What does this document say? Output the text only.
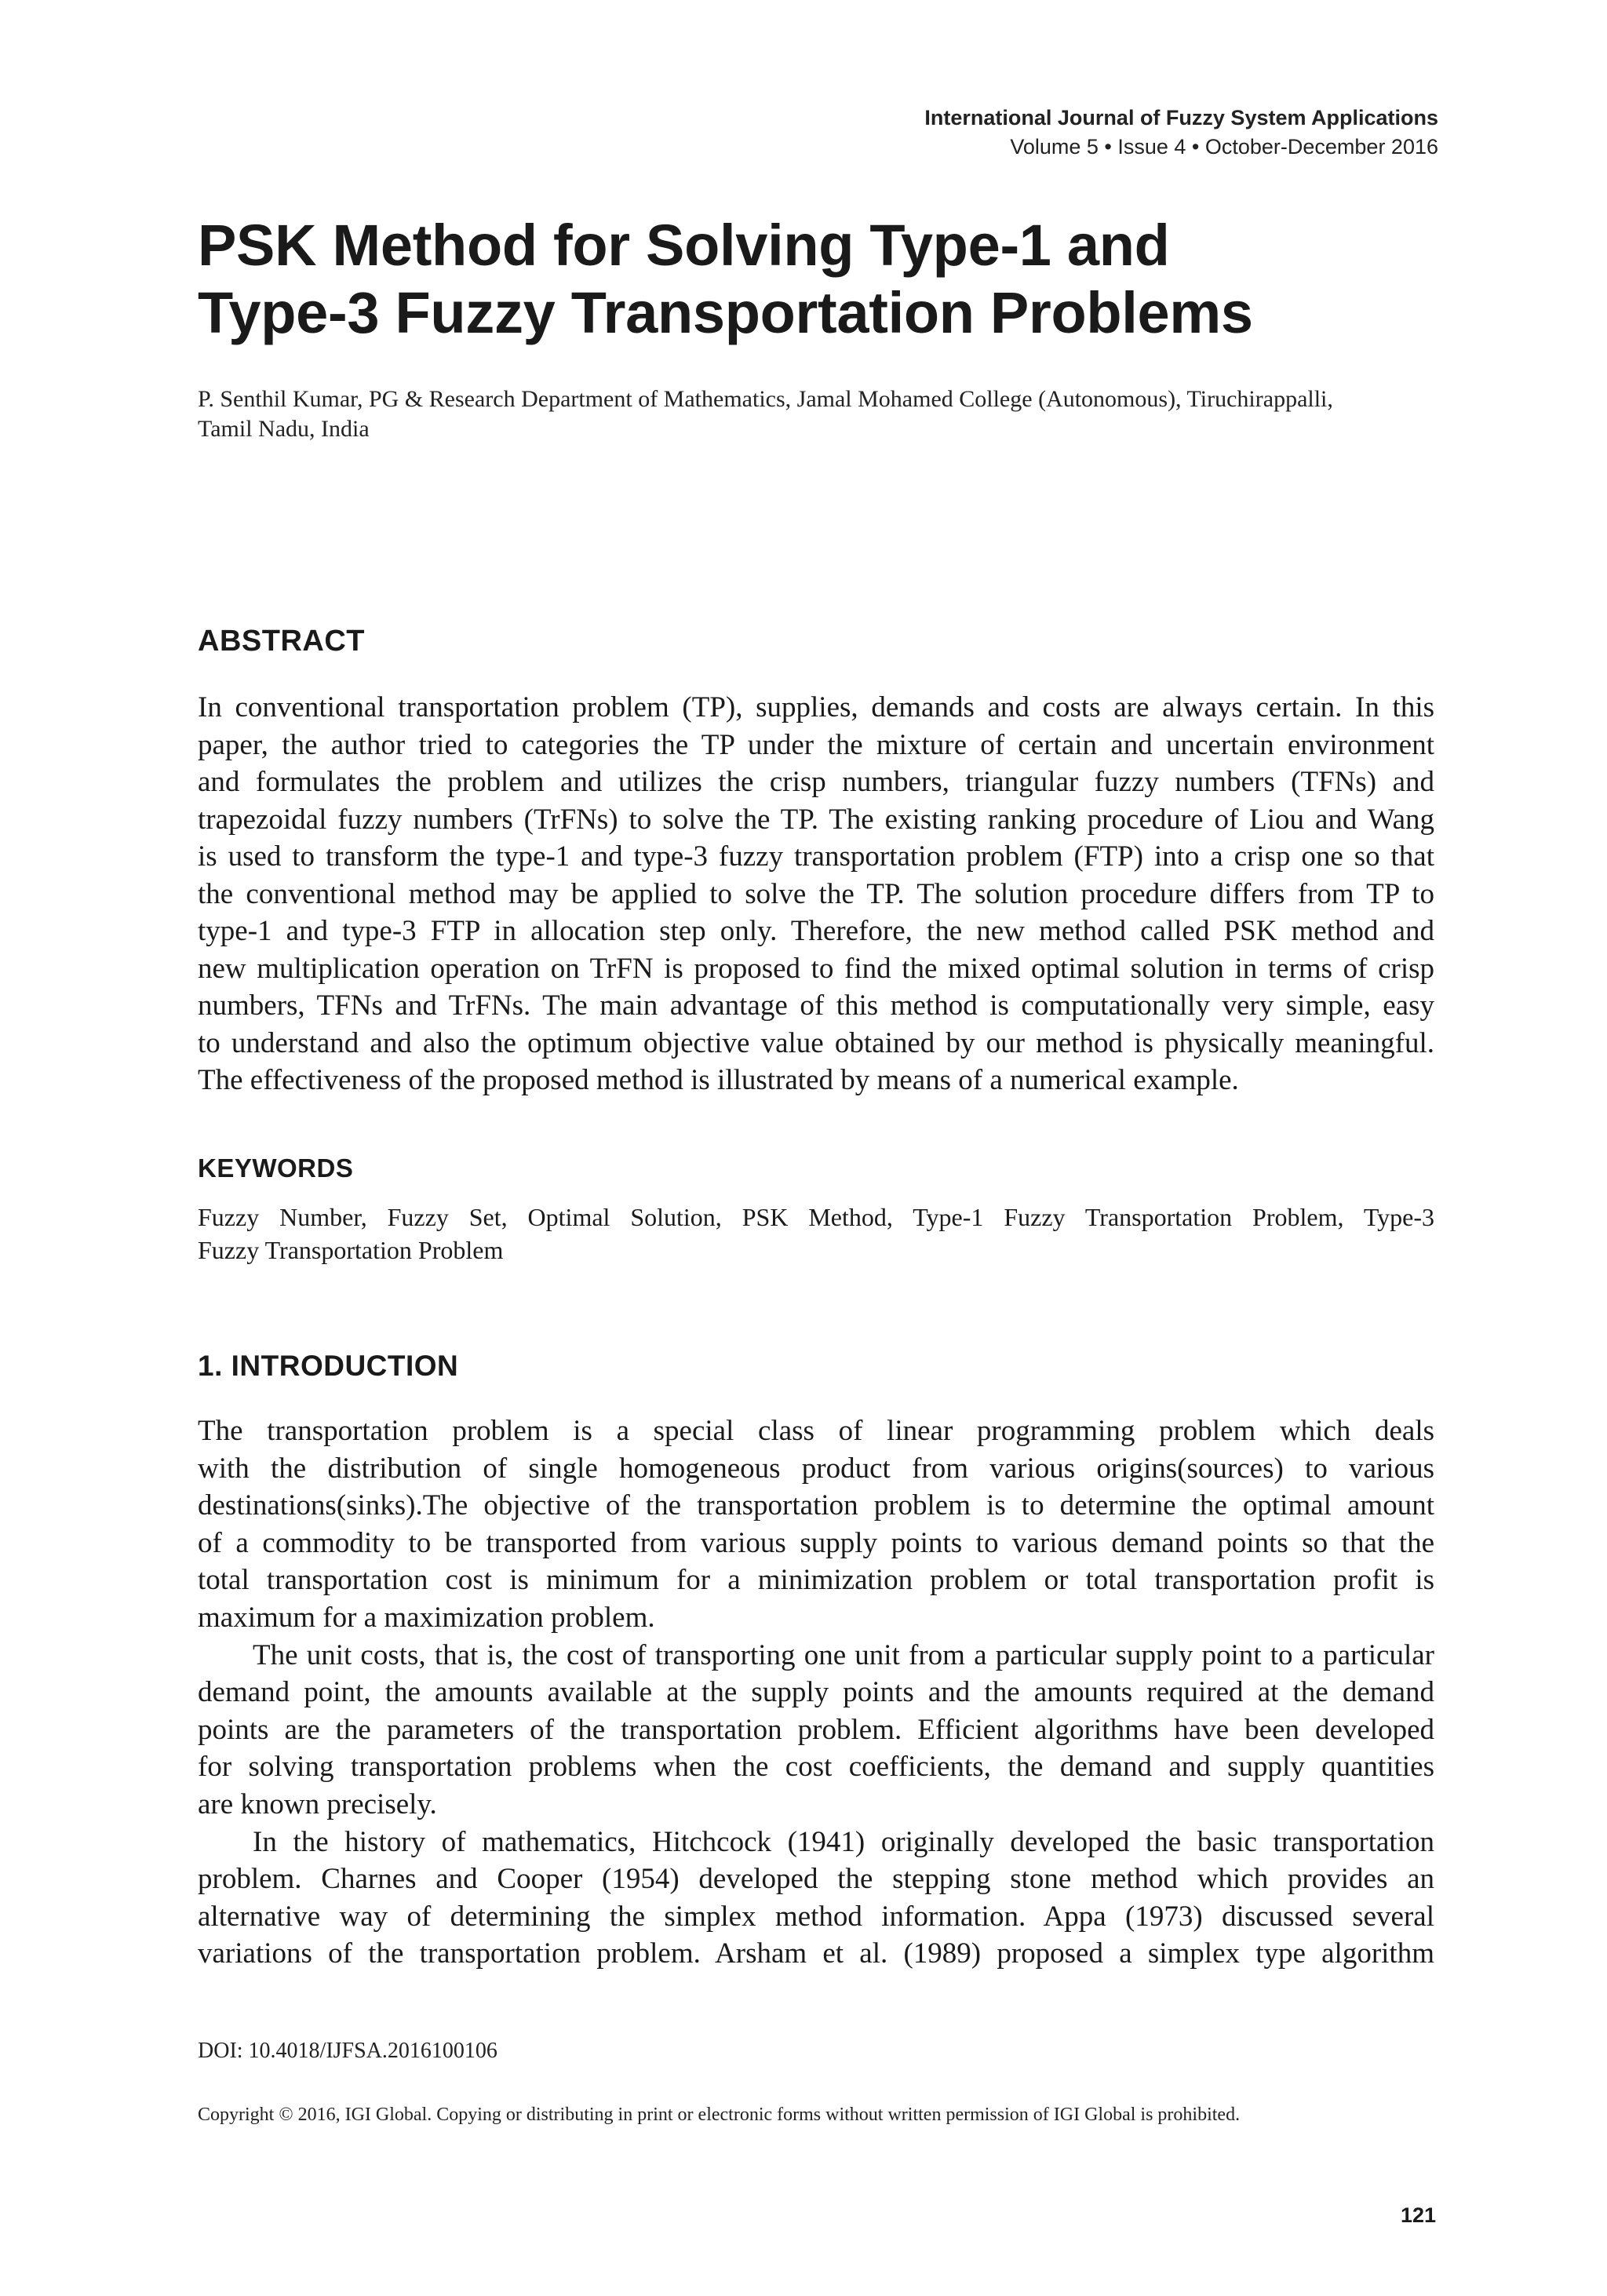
International Journal of Fuzzy System Applications
Volume 5 • Issue 4 • October-December 2016
PSK Method for Solving Type-1 and
Type-3 Fuzzy Transportation Problems
P. Senthil Kumar, PG & Research Department of Mathematics, Jamal Mohamed College (Autonomous), Tiruchirappalli,
Tamil Nadu, India
ABSTRACT
In conventional transportation problem (TP), supplies, demands and costs are always certain. In this
paper, the author tried to categories the TP under the mixture of certain and uncertain environment
and formulates the problem and utilizes the crisp numbers, triangular fuzzy numbers (TFNs) and
trapezoidal fuzzy numbers (TrFNs) to solve the TP. The existing ranking procedure of Liou and Wang
is used to transform the type-1 and type-3 fuzzy transportation problem (FTP) into a crisp one so that
the conventional method may be applied to solve the TP. The solution procedure differs from TP to
type-1 and type-3 FTP in allocation step only. Therefore, the new method called PSK method and
new multiplication operation on TrFN is proposed to find the mixed optimal solution in terms of crisp
numbers, TFNs and TrFNs. The main advantage of this method is computationally very simple, easy
to understand and also the optimum objective value obtained by our method is physically meaningful.
The effectiveness of the proposed method is illustrated by means of a numerical example.
KEYWORDS
Fuzzy Number, Fuzzy Set, Optimal Solution, PSK Method, Type-1 Fuzzy Transportation Problem, Type-3
Fuzzy Transportation Problem
1. INTRODUCTION
The transportation problem is a special class of linear programming problem which deals
with the distribution of single homogeneous product from various origins(sources) to various
destinations(sinks).The objective of the transportation problem is to determine the optimal amount
of a commodity to be transported from various supply points to various demand points so that the
total transportation cost is minimum for a minimization problem or total transportation profit is
maximum for a maximization problem.
The unit costs, that is, the cost of transporting one unit from a particular supply point to a particular
demand point, the amounts available at the supply points and the amounts required at the demand
points are the parameters of the transportation problem. Efficient algorithms have been developed
for solving transportation problems when the cost coefficients, the demand and supply quantities
are known precisely.
In the history of mathematics, Hitchcock (1941) originally developed the basic transportation
problem. Charnes and Cooper (1954) developed the stepping stone method which provides an
alternative way of determining the simplex method information. Appa (1973) discussed several
variations of the transportation problem. Arsham et al. (1989) proposed a simplex type algorithm
DOI: 10.4018/IJFSA.2016100106
Copyright © 2016, IGI Global. Copying or distributing in print or electronic forms without written permission of IGI Global is prohibited.
121
